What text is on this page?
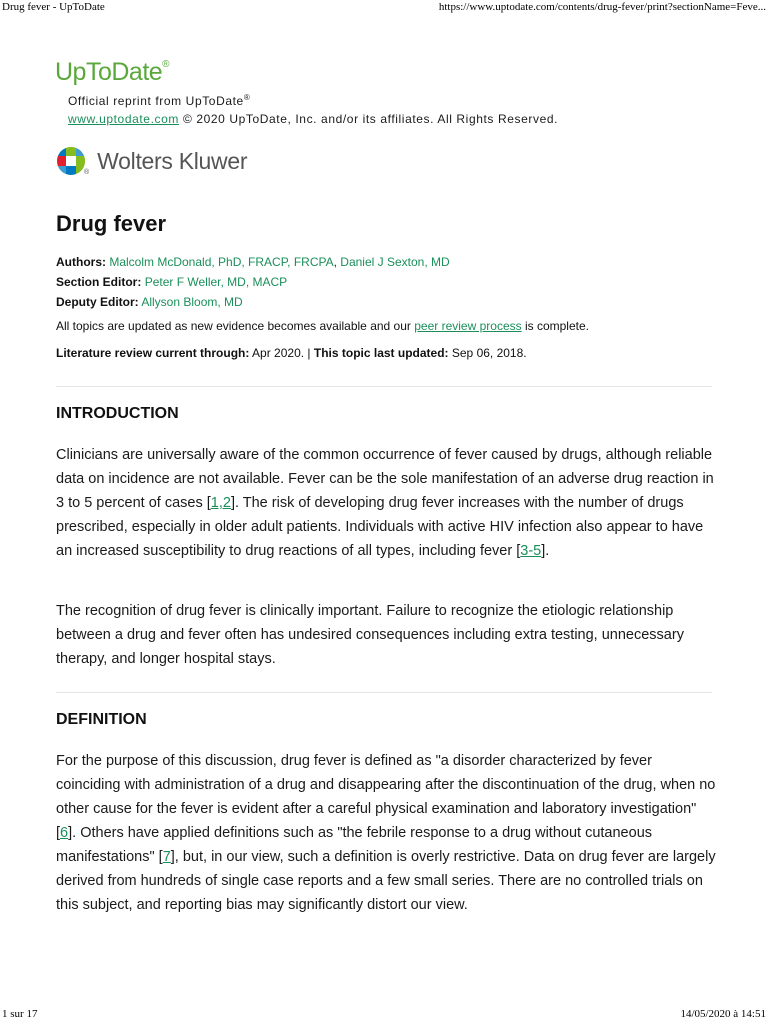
Drug fever - UpToDate	https://www.uptodate.com/contents/drug-fever/print?sectionName=Feve...
UpToDate®
Official reprint from UpToDate®
www.uptodate.com © 2020 UpToDate, Inc. and/or its affiliates. All Rights Reserved.
® Wolters Kluwer
Drug fever
Authors: Malcolm McDonald, PhD, FRACP, FRCPA, Daniel J Sexton, MD
Section Editor: Peter F Weller, MD, MACP
Deputy Editor: Allyson Bloom, MD
All topics are updated as new evidence becomes available and our peer review process is complete.
Literature review current through: Apr 2020. | This topic last updated: Sep 06, 2018.
INTRODUCTION

Clinicians are universally aware of the common occurrence of fever caused by drugs, although reliable data on incidence are not available. Fever can be the sole manifestation of an adverse drug reaction in 3 to 5 percent of cases [1,2]. The risk of developing drug fever increases with the number of drugs prescribed, especially in older adult patients. Individuals with active HIV infection also appear to have an increased susceptibility to drug reactions of all types, including fever [3-5].

The recognition of drug fever is clinically important. Failure to recognize the etiologic relationship between a drug and fever often has undesired consequences including extra testing, unnecessary therapy, and longer hospital stays.

DEFINITION

For the purpose of this discussion, drug fever is defined as "a disorder characterized by fever coinciding with administration of a drug and disappearing after the discontinuation of the drug, when no other cause for the fever is evident after a careful physical examination and laboratory investigation" [6]. Others have applied definitions such as "the febrile response to a drug without cutaneous manifestations" [7], but, in our view, such a definition is overly restrictive. Data on drug fever are largely derived from hundreds of single case reports and a few small series. There are no controlled trials on this subject, and reporting bias may significantly distort our view.

1 sur 17	14/05/2020 à 14:51
